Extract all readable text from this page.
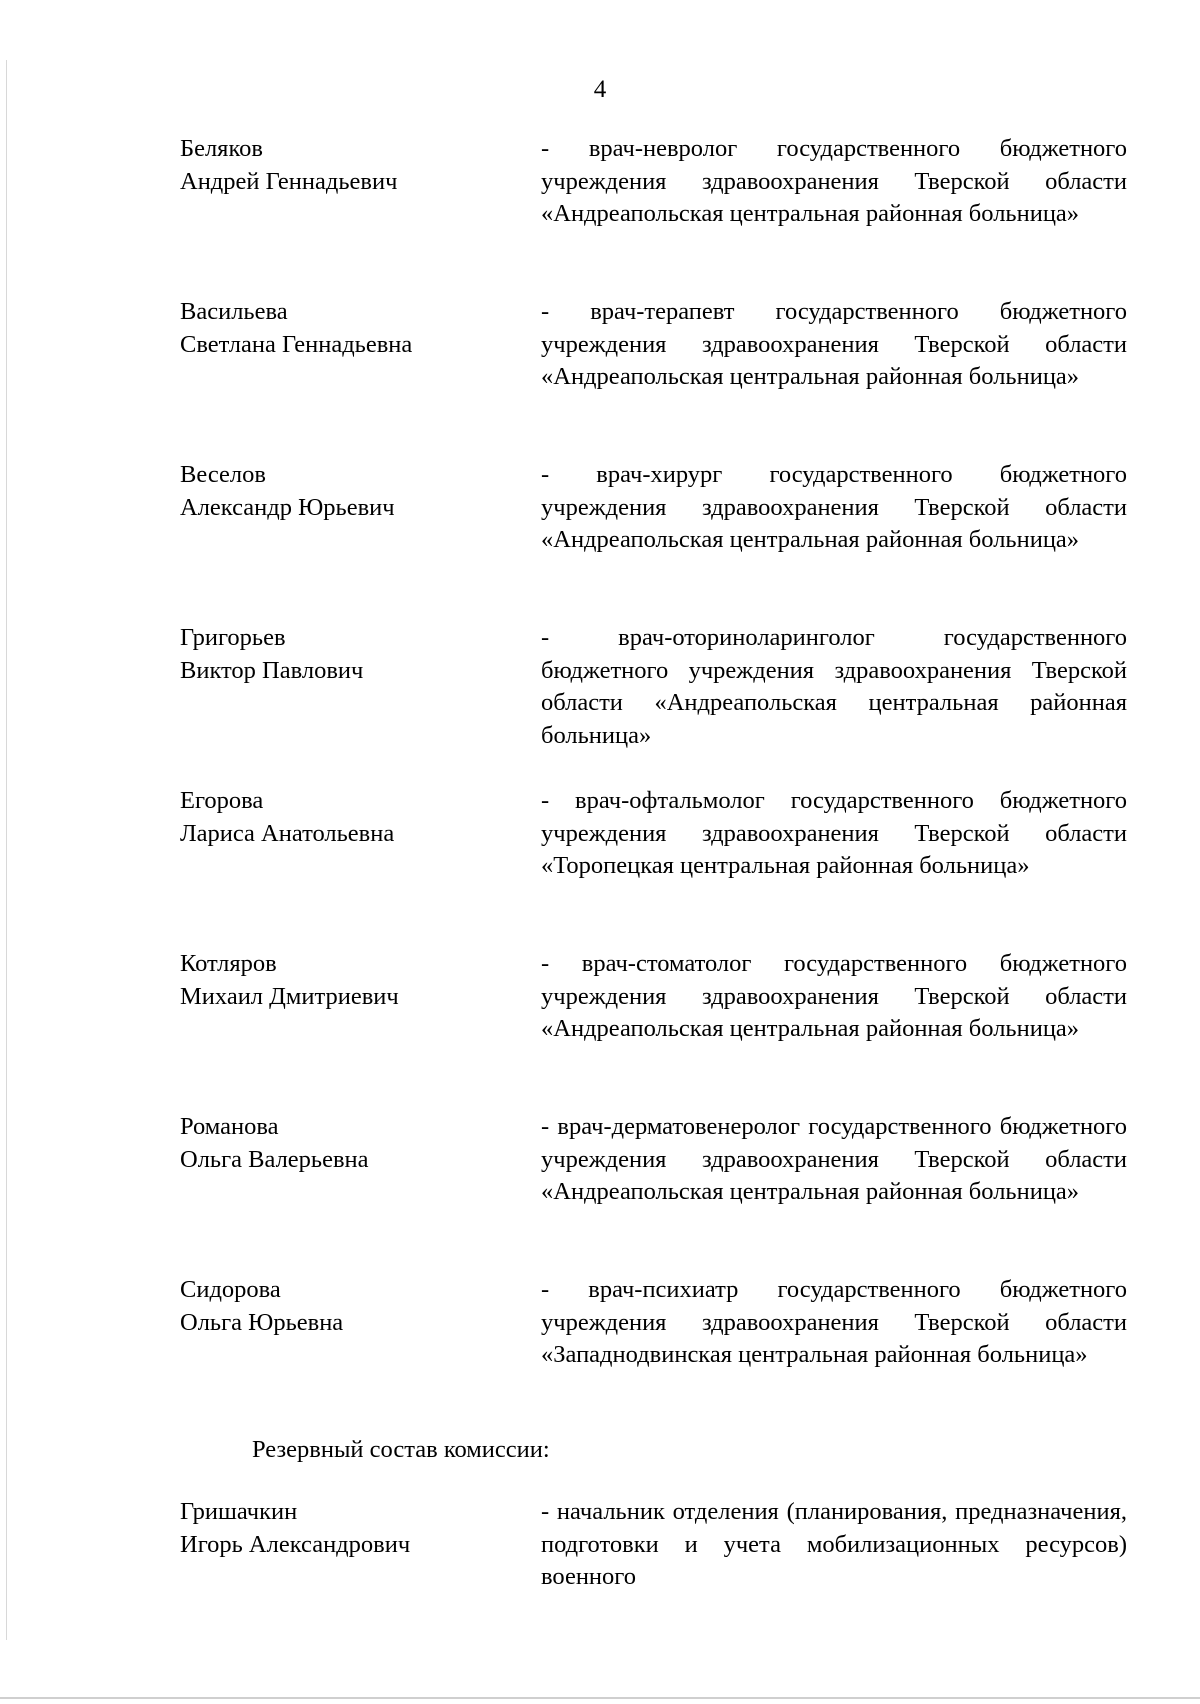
4
Беляков
Андрей Геннадьевич
- врач-невролог государственного бюджетного учреждения здравоохранения Тверской области «Андреапольская центральная районная больница»
Васильева
Светлана Геннадьевна
- врач-терапевт государственного бюджетного учреждения здравоохранения Тверской области «Андреапольская центральная районная больница»
Веселов
Александр Юрьевич
- врач-хирург государственного бюджетного учреждения здравоохранения Тверской области «Андреапольская центральная районная больница»
Григорьев
Виктор Павлович
- врач-оториноларинголог государственного бюджетного учреждения здравоохранения Тверской области «Андреапольская центральная районная больница»
Егорова
Лариса Анатольевна
- врач-офтальмолог государственного бюджетного учреждения здравоохранения Тверской области «Торопецкая центральная районная больница»
Котляров
Михаил Дмитриевич
- врач-стоматолог государственного бюджетного учреждения здравоохранения Тверской области «Андреапольская центральная районная больница»
Романова
Ольга Валерьевна
- врач-дерматовенеролог государственного бюджетного учреждения здравоохранения Тверской области «Андреапольская центральная районная больница»
Сидорова
Ольга Юрьевна
- врач-психиатр государственного бюджетного учреждения здравоохранения Тверской области «Западнодвинская центральная районная больница»
Резервный состав комиссии:
Гришачкин
Игорь Александрович
- начальник отделения (планирования, предназначения, подготовки и учета мобилизационных ресурсов) военного
